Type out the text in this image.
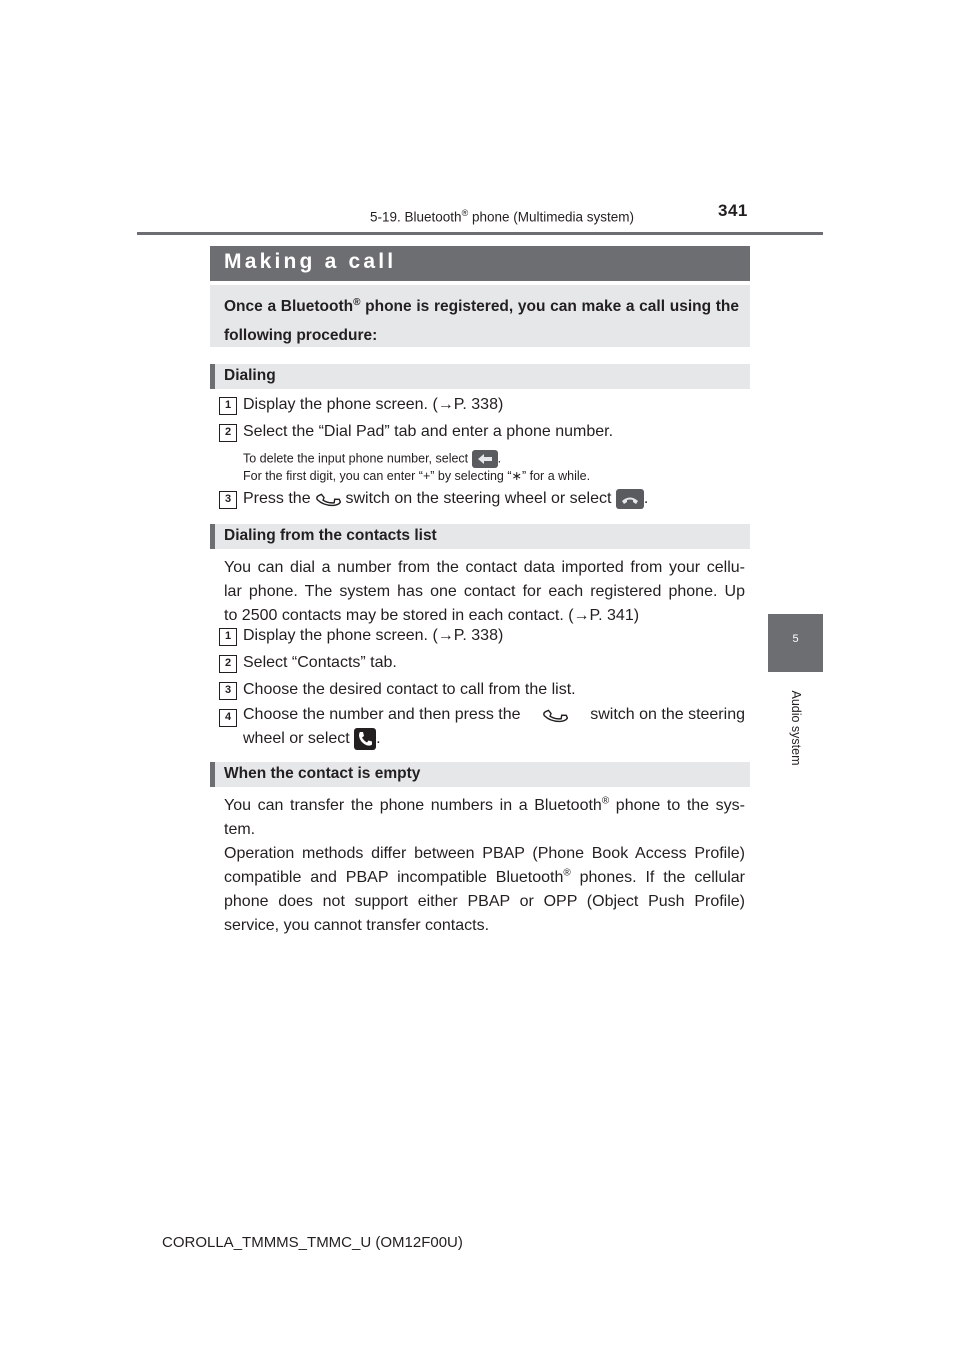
5-19. Bluetooth® phone (Multimedia system)	341
5
Audio system
Making a call
Once a Bluetooth® phone is registered, you can make a call using the following procedure:
Dialing
1 Display the phone screen. (→P. 338)
2 Select the “Dial Pad” tab and enter a phone number.
To delete the input phone number, select .
For the first digit, you can enter “+” by selecting “∗” for a while.
3 Press the switch on the steering wheel or select .
Dialing from the contacts list
You can dial a number from the contact data imported from your cellu-
lar phone. The system has one contact for each registered phone. Up
to 2500 contacts may be stored in each contact. (→P. 341)
1 Display the phone screen. (→P. 338)
2 Select “Contacts” tab.
3 Choose the desired contact to call from the list.
4 Choose the number and then press the	switch on the steering
wheel or select .
When the contact is empty
You can transfer the phone numbers in a Bluetooth® phone to the sys-
tem.
Operation methods differ between PBAP (Phone Book Access Profile)
compatible and PBAP incompatible Bluetooth® phones. If the cellular
phone does not support either PBAP or OPP (Object Push Profile)
service, you cannot transfer contacts.
COROLLA_TMMMS_TMMC_U (OM12F00U)
